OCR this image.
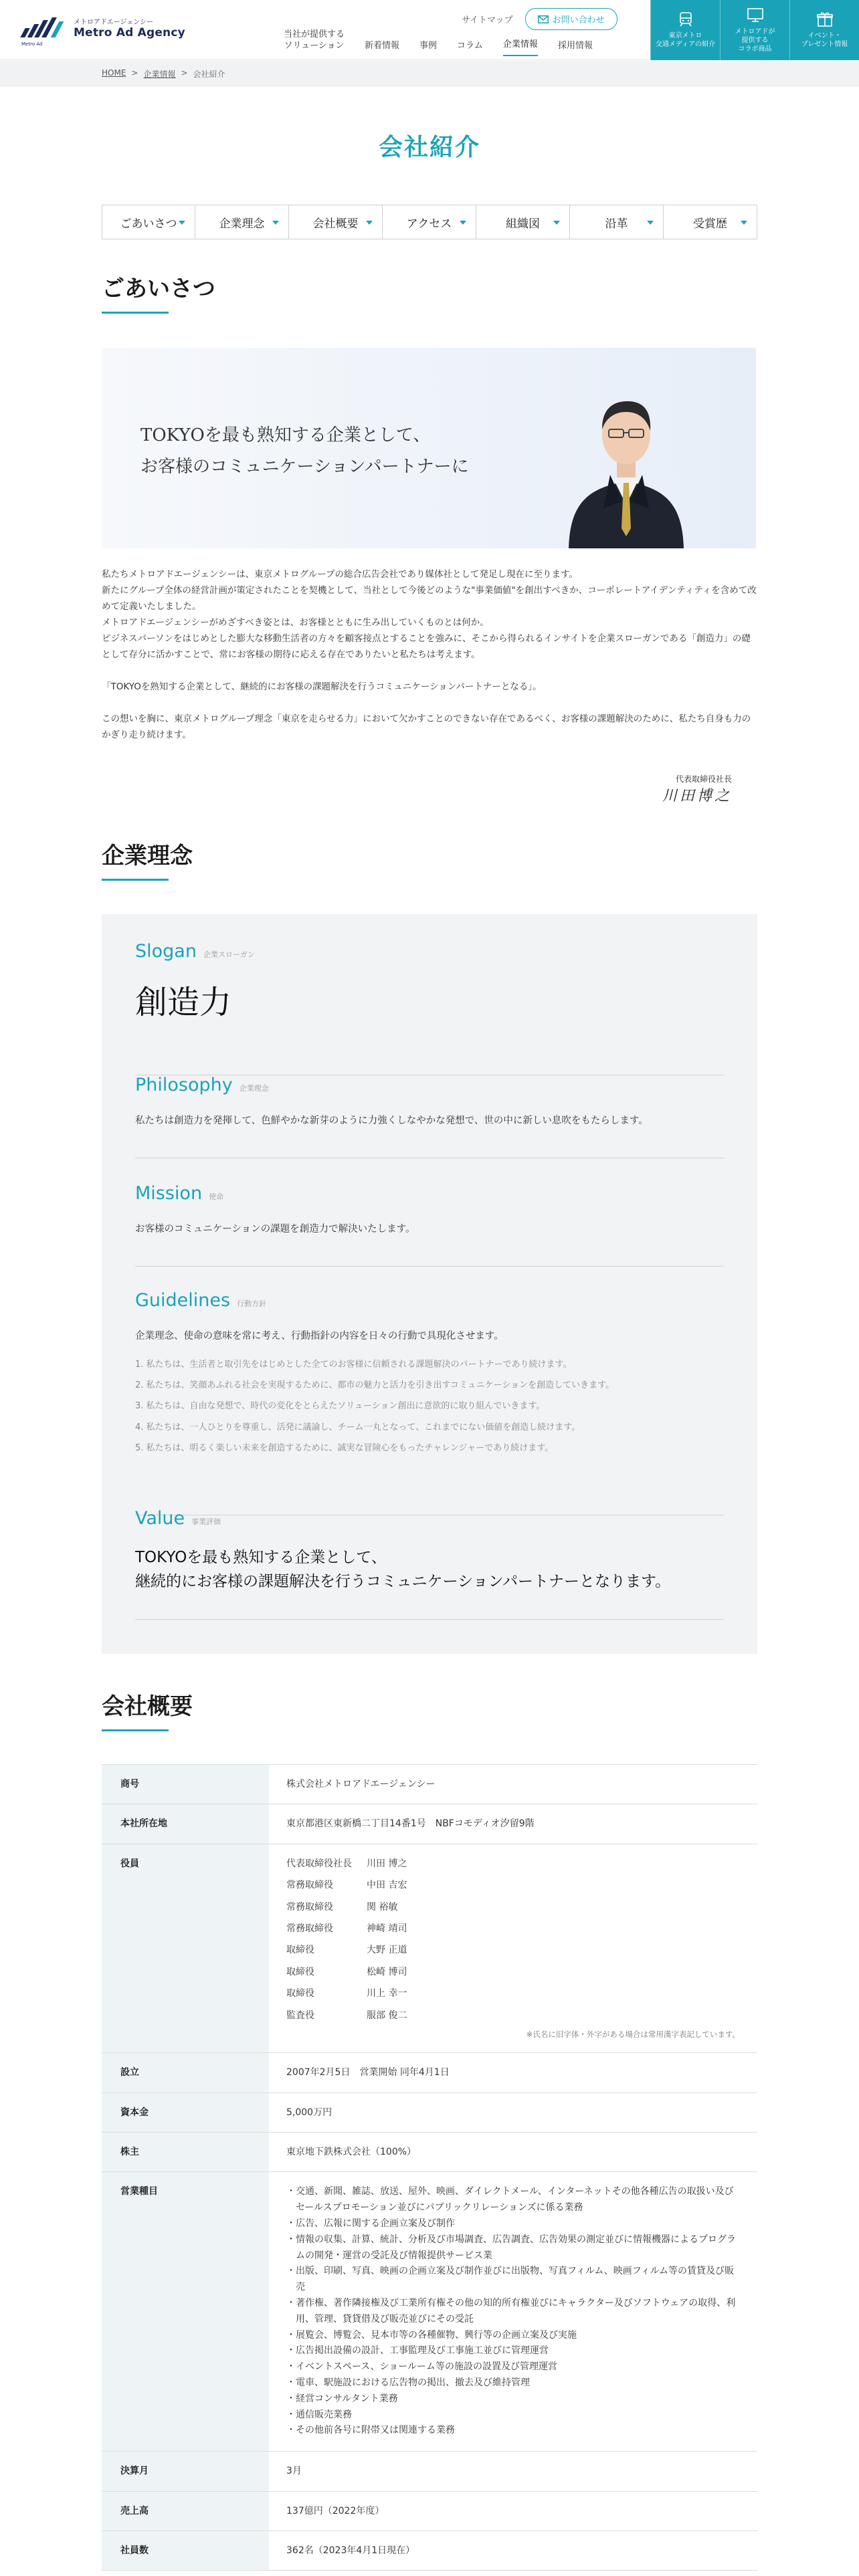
Metro Ad
メトロアドエージェンシー
Metro Ad Agency
サイトマップ	お問い合わせ
当社が提供する
ソリューション 新着情報 事例 コラム 企業情報 採用情報
東京メトロ
交通メディアの紹介
メトロアドが
提供する
コラボ商品
イベント・
プレゼント情報
HOME > 企業情報 > 会社紹介
会社紹介
ごあいさつ	企業理念	会社概要	アクセス	組織図	沿革	受賞歴
ごあいさつ
TOKYOを最も熟知する企業として、
お客様のコミュニケーションパートナーに

私たちメトロアドエージェンシーは、東京メトログループの総合広告会社であり媒体社として発足し現在に至ります。

新たにグループ全体の経営計画が策定されたことを契機として、当社として今後どのような"事業価値"を創出すべきか、コーポレートアイデンティティを含めて改めて定義いたしました。

メトロアドエージェンシーがめざすべき姿とは、お客様とともに生み出していくものとは何か。

ビジネスパーソンをはじめとした膨大な移動生活者の方々を顧客接点とすることを強みに、そこから得られるインサイトを企業スローガンである「創造力」の礎として存分に活かすことで、常にお客様の期待に応える存在でありたいと私たちは考えます。

「TOKYOを熟知する企業として、継続的にお客様の課題解決を行うコミュニケーションパートナーとなる」。

この想いを胸に、東京メトログループ理念「東京を走らせる力」において欠かすことのできない存在であるべく、お客様の課題解決のために、私たち自身も力のかぎり走り続けます。

代表取締役社長
川田博之
企業理念
Slogan 企業スローガン
創造力
Philosophy 企業理念
私たちは創造力を発揮して、色鮮やかな新芽のように力強くしなやかな発想で、世の中に新しい息吹をもたらします。
Mission 使命
お客様のコミュニケーションの課題を創造力で解決いたします。
Guidelines 行動方針
企業理念、使命の意味を常に考え、行動指針の内容を日々の行動で具現化させます。
1. 私たちは、生活者と取引先をはじめとした全てのお客様に信頼される課題解決のパートナーであり続けます。
2. 私たちは、笑顔あふれる社会を実現するために、都市の魅力と活力を引き出すコミュニケーションを創造していきます。
3. 私たちは、自由な発想で、時代の変化をとらえたソリューション創出に意欲的に取り組んでいきます。
4. 私たちは、一人ひとりを尊重し、活発に議論し、チーム一丸となって、これまでにない価値を創造し続けます。
5. 私たちは、明るく楽しい未来を創造するために、誠実な冒険心をもったチャレンジャーであり続けます。
Value 事業評価
TOKYOを最も熟知する企業として、
継続的にお客様の課題解決を行うコミュニケーションパートナーとなります。
会社概要
商号	株式会社メトロアドエージェンシー
本社所在地	東京都港区東新橋二丁目14番1号　NBFコモディオ汐留9階
役員	代表取締役社長	川田 博之
常務取締役	中田 吉宏
常務取締役	関 裕敏
常務取締役	神崎 靖司
取締役	大野 正道
取締役	松崎 博司
取締役	川上 幸一
監査役	服部 俊二
※氏名に旧字体・外字がある場合は常用漢字表記しています。
設立	2007年2月5日　営業開始 同年4月1日
資本金	5,000万円
株主	東京地下鉄株式会社（100%）
営業種目	・交通、新聞、雑誌、放送、屋外、映画、ダイレクトメール、インターネットその他各種広告の取扱い及びセールスプロモーション並びにパブリックリレーションズに係る業務
・広告、広報に関する企画立案及び制作
・情報の収集、計算、統計、分析及び市場調査、広告調査、広告効果の測定並びに情報機器によるプログラムの開発・運営の受託及び情報提供サービス業
・出版、印刷、写真、映画の企画立案及び制作並びに出版物、写真フィルム、映画フィルム等の賃貸及び販売
・著作権、著作隣接権及び工業所有権その他の知的所有権並びにキャラクター及びソフトウェアの取得、利用、管理、貸貸借及び販売並びにその受託
・展覧会、博覧会、見本市等の各種催物、興行等の企画立案及び実施
・広告掲出設備の設計、工事監理及び工事施工並びに管理運営
・イベントスペース、ショールーム等の施設の設置及び管理運営
・電車、駅施設における広告物の掲出、撤去及び維持管理
・経営コンサルタント業務
・通信販売業務
・その他前各号に附帯又は関連する業務
決算月	3月
売上高	137億円（2022年度）
社員数	362名（2023年4月1日現在）
